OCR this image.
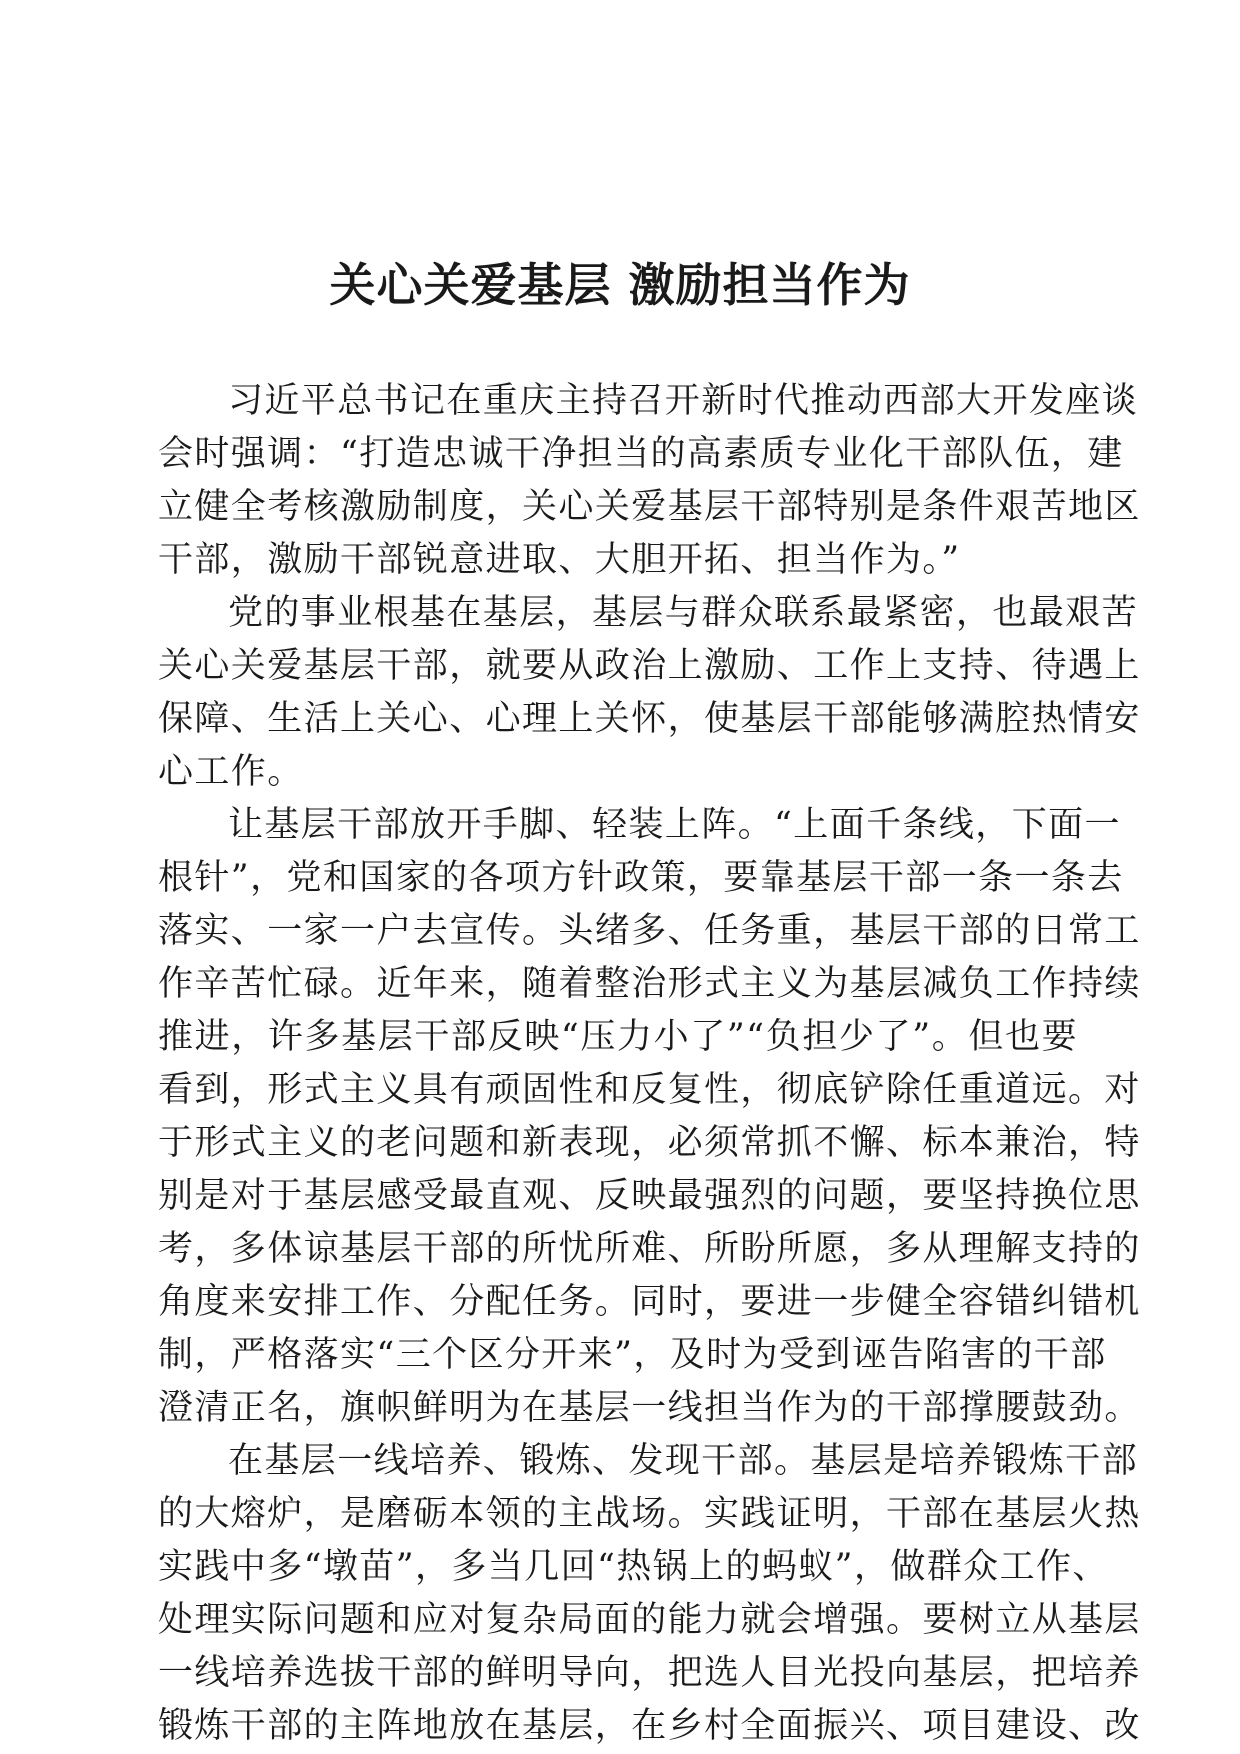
关心关爱基层 激励担当作为

习近平总书记在重庆主持召开新时代推动西部大开发座谈
会时强调：“打造忠诚干净担当的高素质专业化干部队伍，建
立健全考核激励制度，关心关爱基层干部特别是条件艰苦地区
干部，激励干部锐意进取、大胆开拓、担当作为。”

党的事业根基在基层，基层与群众联系最紧密，也最艰苦
关心关爱基层干部，就要从政治上激励、工作上支持、待遇上
保障、生活上关心、心理上关怀，使基层干部能够满腔热情安
心工作。

让基层干部放开手脚、轻装上阵。“上面千条线，下面一
根针”，党和国家的各项方针政策，要靠基层干部一条一条去
落实、一家一户去宣传。头绪多、任务重，基层干部的日常工
作辛苦忙碌。近年来，随着整治形式主义为基层减负工作持续
推进，许多基层干部反映“压力小了”“负担少了”。但也要
看到，形式主义具有顽固性和反复性，彻底铲除任重道远。对
于形式主义的老问题和新表现，必须常抓不懈、标本兼治，特
别是对于基层感受最直观、反映最强烈的问题，要坚持换位思
考，多体谅基层干部的所忧所难、所盼所愿，多从理解支持的
角度来安排工作、分配任务。同时，要进一步健全容错纠错机
制，严格落实“三个区分开来”，及时为受到诬告陷害的干部
澄清正名，旗帜鲜明为在基层一线担当作为的干部撑腰鼓劲。

在基层一线培养、锻炼、发现干部。基层是培养锻炼干部
的大熔炉，是磨砺本领的主战场。实践证明，干部在基层火热
实践中多“墩苗”，多当几回“热锅上的蚂蚁”，做群众工作、
处理实际问题和应对复杂局面的能力就会增强。要树立从基层
一线培养选拔干部的鲜明导向，把选人目光投向基层，把培养
锻炼干部的主阵地放在基层，在乡村全面振兴、项目建设、改
